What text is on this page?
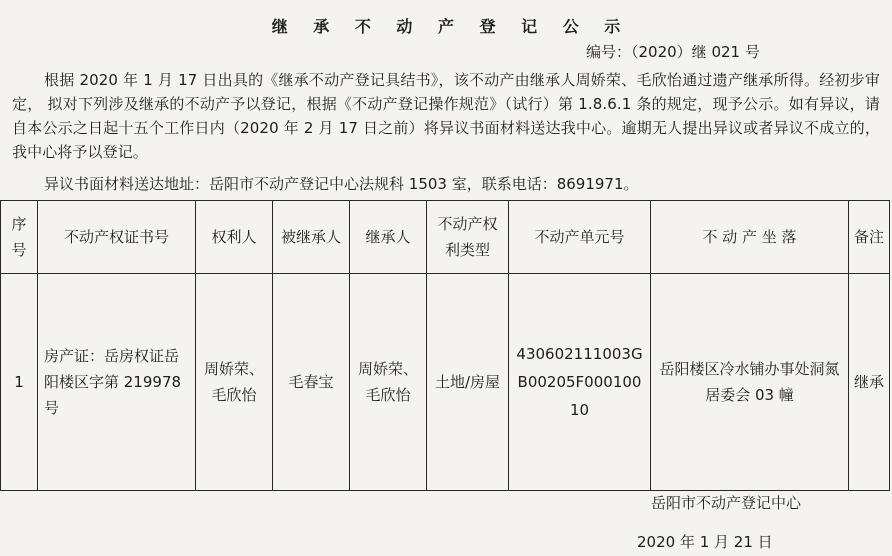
继 承 不 动 产 登 记 公 示
编号：（2020）继 021 号
根据 2020 年 1 月 17 日出具的《继承不动产登记具结书》，该不动产由继承人周娇荣、毛欣怡通过遗产继承所得。经初步审定， 拟对下列涉及继承的不动产予以登记，根据《不动产登记操作规范》（试行）第 1.8.6.1 条的规定，现予公示。如有异议，请自本公示之日起十五个工作日内（2020 年 2 月 17 日之前）将异议书面材料送达我中心。逾期无人提出异议或者异议不成立的，我中心将予以登记。
异议书面材料送达地址：岳阳市不动产登记中心法规科 1503 室，联系电话：8691971。
序号	不动产权证书号	权利人	被继承人	继承人	不动产权利类型	不动产单元号	不 动 产 坐 落	备注
1	房产证：岳房权证岳阳楼区字第 219978 号	周娇荣、毛欣怡	毛春宝	周娇荣、毛欣怡	土地/房屋	430602111003GB00205F00010010	岳阳楼区冷水铺办事处洞氮居委会 03 幢	继承
岳阳市不动产登记中心
2020 年 1 月 21 日
